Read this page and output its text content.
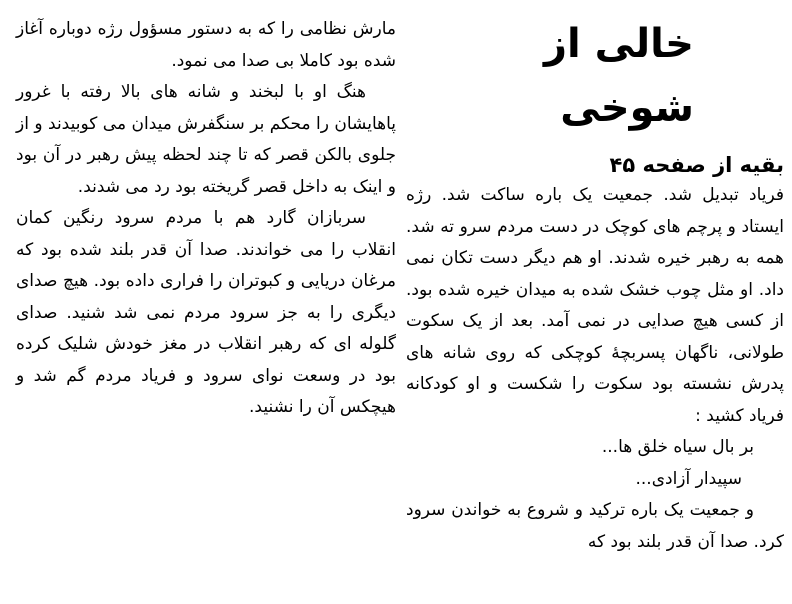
خالی از شوخی
بقیه از صفحه ۴۵

فریاد تبدیل شد. جمعیت یک باره ساکت شد. رژه ایستاد و پرچم های کوچک در دست مردم سرو ته شد. همه به رهبر خیره شدند. او هم دیگر دست تکان نمی داد. او مثل چوب خشک شده به میدان خیره شده بود. از کسی هیچ صدایی در نمی آمد. بعد از یک سکوت طولانی، ناگهان پسربچهٔ کوچکی که روی شانه های پدرش نشسته بود سکوت را شکست و او کودکانه فریاد کشید :

بر بال سیاه خلق ها...

سپیدار آزادی...

و جمعیت یک باره ترکید و شروع به خواندن سرود کرد. صدا آن قدر بلند بود که

مارش نظامی را که به دستور مسؤول رژه دوباره آغاز شده بود کاملا بی صدا می نمود.

هنگ او با لبخند و شانه های بالا رفته با غرور پاهایشان را محکم بر سنگفرش میدان می کوبیدند و از جلوی بالکن قصر که تا چند لحظه پیش رهبر در آن بود و اینک به داخل قصر گریخته بود رد می شدند.

سربازان گارد هم با مردم سرود رنگین کمان انقلاب را می خواندند. صدا آن قدر بلند شده بود که مرغان دریایی و کبوتران را فراری داده بود. هیچ صدای دیگری را به جز سرود مردم نمی شد شنید. صدای گلوله ای که رهبر انقلاب در مغز خودش شلیک کرده بود در وسعت نوای سرود و فریاد مردم گم شد و هیچکس آن را نشنید.
